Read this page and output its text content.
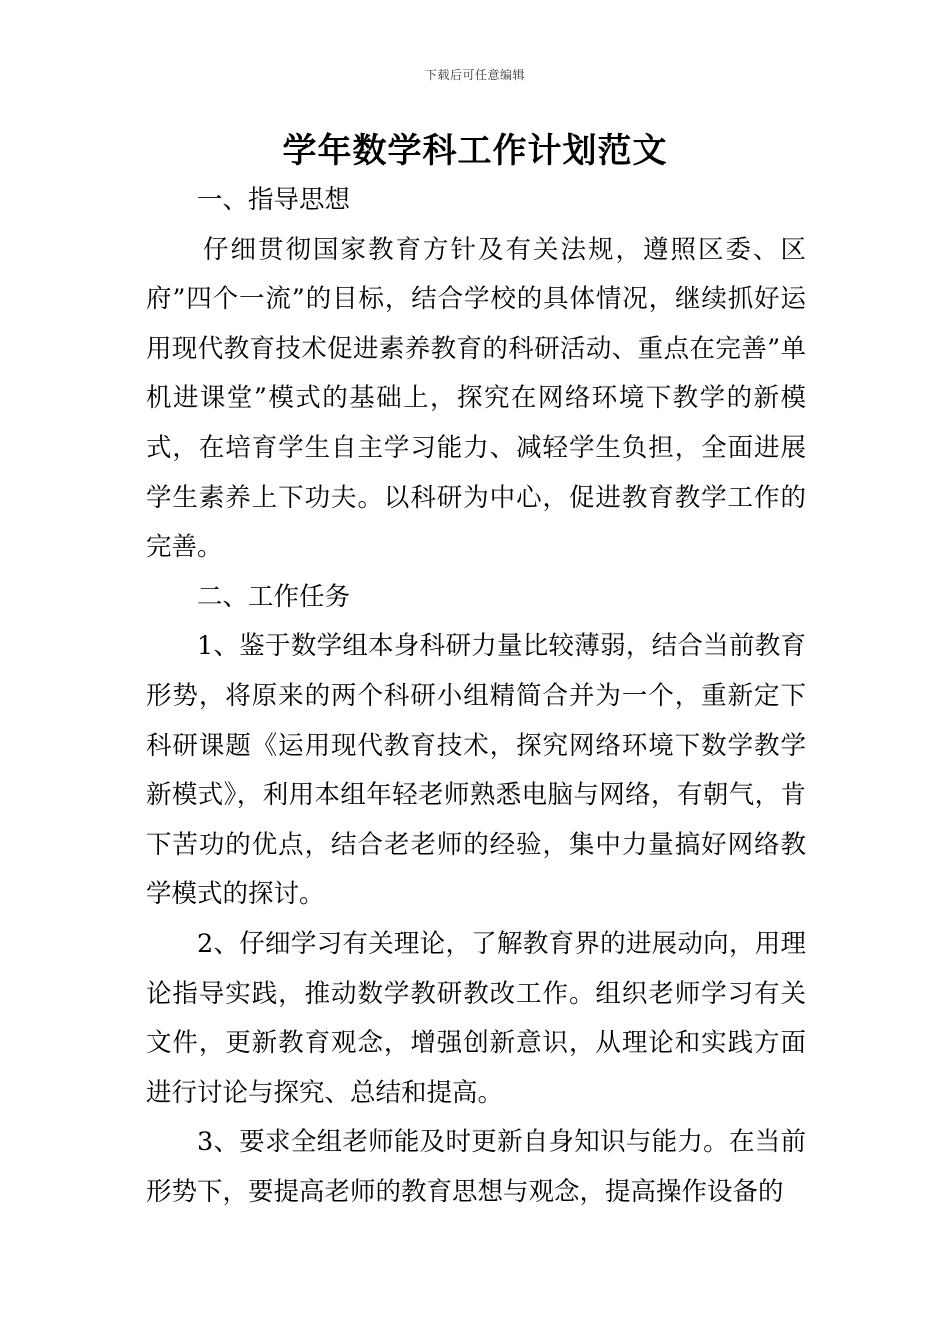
下载后可任意编辑
学年数学科工作计划范文

一、指导思想

仔细贯彻国家教育方针及有关法规，遵照区委、区府”四个一流”的目标，结合学校的具体情况，继续抓好运用现代教育技术促进素养教育的科研活动、重点在完善”单机进课堂”模式的基础上，探究在网络环境下教学的新模式，在培育学生自主学习能力、减轻学生负担，全面进展学生素养上下功夫。以科研为中心，促进教育教学工作的完善。

二、工作任务

1、鉴于数学组本身科研力量比较薄弱，结合当前教育形势，将原来的两个科研小组精简合并为一个，重新定下科研课题《运用现代教育技术，探究网络环境下数学教学新模式》，利用本组年轻老师熟悉电脑与网络，有朝气，肯下苦功的优点，结合老老师的经验，集中力量搞好网络教学模式的探讨。

2、仔细学习有关理论，了解教育界的进展动向，用理论指导实践，推动数学教研教改工作。组织老师学习有关文件，更新教育观念，增强创新意识，从理论和实践方面进行讨论与探究、总结和提高。

3、要求全组老师能及时更新自身知识与能力。在当前形势下，要提高老师的教育思想与观念，提高操作设备的
